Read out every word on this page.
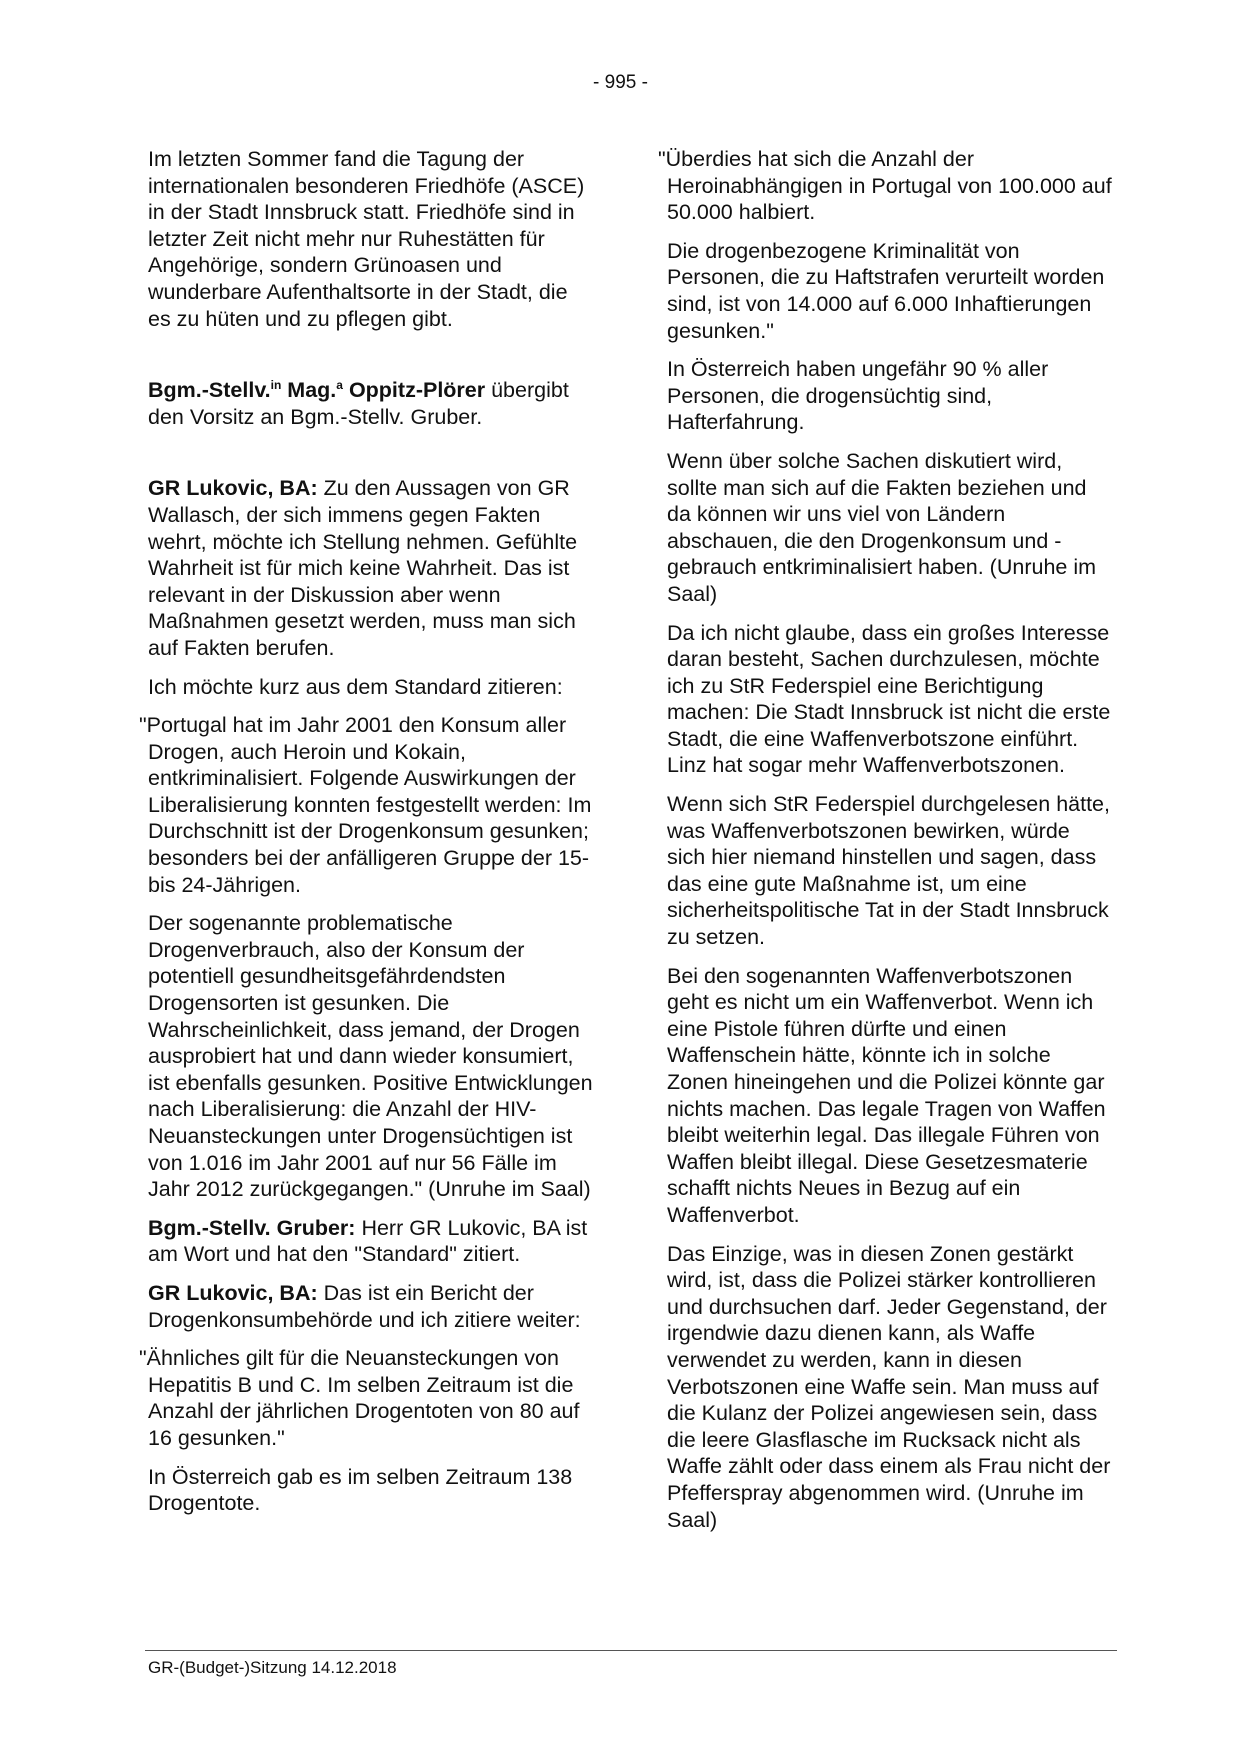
- 995 -

Im letzten Sommer fand die Tagung der internationalen besonderen Friedhöfe (ASCE) in der Stadt Innsbruck statt. Friedhöfe sind in letzter Zeit nicht mehr nur Ruhestätten für Angehörige, sondern Grünoasen und wunderbare Aufenthaltsorte in der Stadt, die es zu hüten und zu pflegen gibt.

Bgm.-Stellv.$^{in}$ Mag.$^a$ Oppitz-Plörer übergibt den Vorsitz an Bgm.-Stellv. Gruber.

GR Lukovic, BA: Zu den Aussagen von GR Wallasch, der sich immens gegen Fakten wehrt, möchte ich Stellung nehmen. Gefühlte Wahrheit ist für mich keine Wahrheit. Das ist relevant in der Diskussion aber wenn Maßnahmen gesetzt werden, muss man sich auf Fakten berufen.

Ich möchte kurz aus dem Standard zitieren:

"Portugal hat im Jahr 2001 den Konsum aller Drogen, auch Heroin und Kokain, entkriminalisiert. Folgende Auswirkungen der Liberalisierung konnten festgestellt werden: Im Durchschnitt ist der Drogenkonsum gesunken; besonders bei der anfälligeren Gruppe der 15- bis 24-Jährigen.

Der sogenannte problematische Drogenverbrauch, also der Konsum der potentiell gesundheitsgefährdendsten Drogensorten ist gesunken. Die Wahrscheinlichkeit, dass jemand, der Drogen ausprobiert hat und dann wieder konsumiert, ist ebenfalls gesunken. Positive Entwicklungen nach Liberalisierung: die Anzahl der HIV-Neuansteckungen unter Drogensüchtigen ist von 1.016 im Jahr 2001 auf nur 56 Fälle im Jahr 2012 zurückgegangen." (Unruhe im Saal)

Bgm.-Stellv. Gruber: Herr GR Lukovic, BA ist am Wort und hat den "Standard" zitiert.

GR Lukovic, BA: Das ist ein Bericht der Drogenkonsumbehörde und ich zitiere weiter:

"Ähnliches gilt für die Neuansteckungen von Hepatitis B und C. Im selben Zeitraum ist die Anzahl der jährlichen Drogentoten von 80 auf 16 gesunken."

In Österreich gab es im selben Zeitraum 138 Drogentote.

"Überdies hat sich die Anzahl der Heroinabhängigen in Portugal von 100.000 auf 50.000 halbiert.

Die drogenbezogene Kriminalität von Personen, die zu Haftstrafen verurteilt worden sind, ist von 14.000 auf 6.000 Inhaftierungen gesunken."

In Österreich haben ungefähr 90 % aller Personen, die drogensüchtig sind, Hafterfahrung.

Wenn über solche Sachen diskutiert wird, sollte man sich auf die Fakten beziehen und da können wir uns viel von Ländern abschauen, die den Drogenkonsum und -gebrauch entkriminalisiert haben. (Unruhe im Saal)

Da ich nicht glaube, dass ein großes Interesse daran besteht, Sachen durchzulesen, möchte ich zu StR Federspiel eine Berichtigung machen: Die Stadt Innsbruck ist nicht die erste Stadt, die eine Waffenverbotszone einführt. Linz hat sogar mehr Waffenverbotszonen.

Wenn sich StR Federspiel durchgelesen hätte, was Waffenverbotszonen bewirken, würde sich hier niemand hinstellen und sagen, dass das eine gute Maßnahme ist, um eine sicherheitspolitische Tat in der Stadt Innsbruck zu setzen.

Bei den sogenannten Waffenverbotszonen geht es nicht um ein Waffenverbot. Wenn ich eine Pistole führen dürfte und einen Waffenschein hätte, könnte ich in solche Zonen hineingehen und die Polizei könnte gar nichts machen. Das legale Tragen von Waffen bleibt weiterhin legal. Das illegale Führen von Waffen bleibt illegal. Diese Gesetzesmaterie schafft nichts Neues in Bezug auf ein Waffenverbot.

Das Einzige, was in diesen Zonen gestärkt wird, ist, dass die Polizei stärker kontrollieren und durchsuchen darf. Jeder Gegenstand, der irgendwie dazu dienen kann, als Waffe verwendet zu werden, kann in diesen Verbotszonen eine Waffe sein. Man muss auf die Kulanz der Polizei angewiesen sein, dass die leere Glasflasche im Rucksack nicht als Waffe zählt oder dass einem als Frau nicht der Pfefferspray abgenommen wird. (Unruhe im Saal)

GR-(Budget-)Sitzung 14.12.2018
